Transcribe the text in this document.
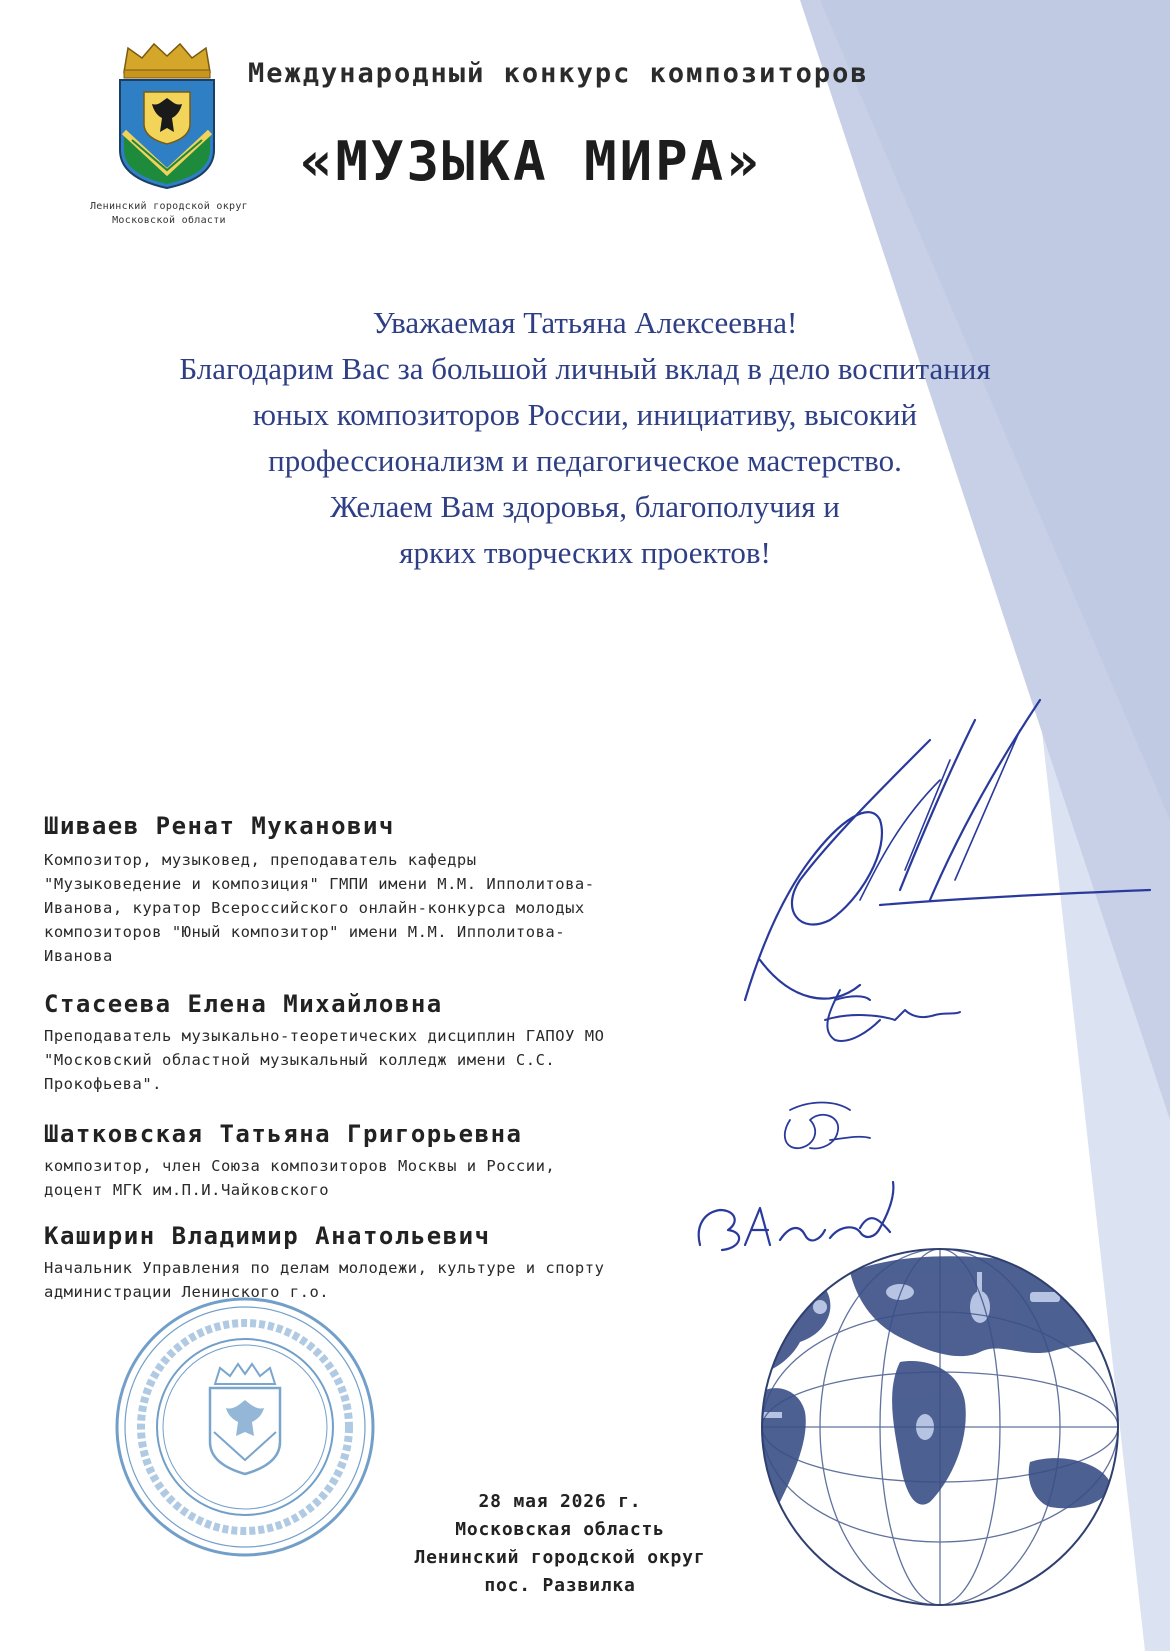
Ленинский городской округ
Московской области
Международный конкурс композиторов
«МУЗЫКА МИРА»
Уважаемая Татьяна Алексеевна!
Благодарим Вас за большой личный вклад в дело воспитания
юных композиторов России, инициативу, высокий
профессионализм и педагогическое мастерство.
Желаем Вам здоровья, благополучия и
ярких творческих проектов!
Шиваев Ренат Муканович
Композитор, музыковед, преподаватель кафедры
"Музыковедение и композиция" ГМПИ имени М.М. Ипполитова-
Иванова, куратор Всероссийского онлайн-конкурса молодых
композиторов "Юный композитор" имени М.М. Ипполитова-
Иванова
Стасеева Елена Михайловна
Преподаватель музыкально-теоретических дисциплин ГАПОУ МО
"Московский областной музыкальный колледж имени С.С.
Прокофьева".
Шатковская Татьяна Григорьевна
композитор, член Союза композиторов Москвы и России,
доцент МГК им.П.И.Чайковского
Каширин Владимир Анатольевич
Начальник Управления по делам молодежи, культуре и спорту
администрации Ленинского г.о.
28 мая 2026 г.
Московская область
Ленинский городской округ
пос. Развилка
